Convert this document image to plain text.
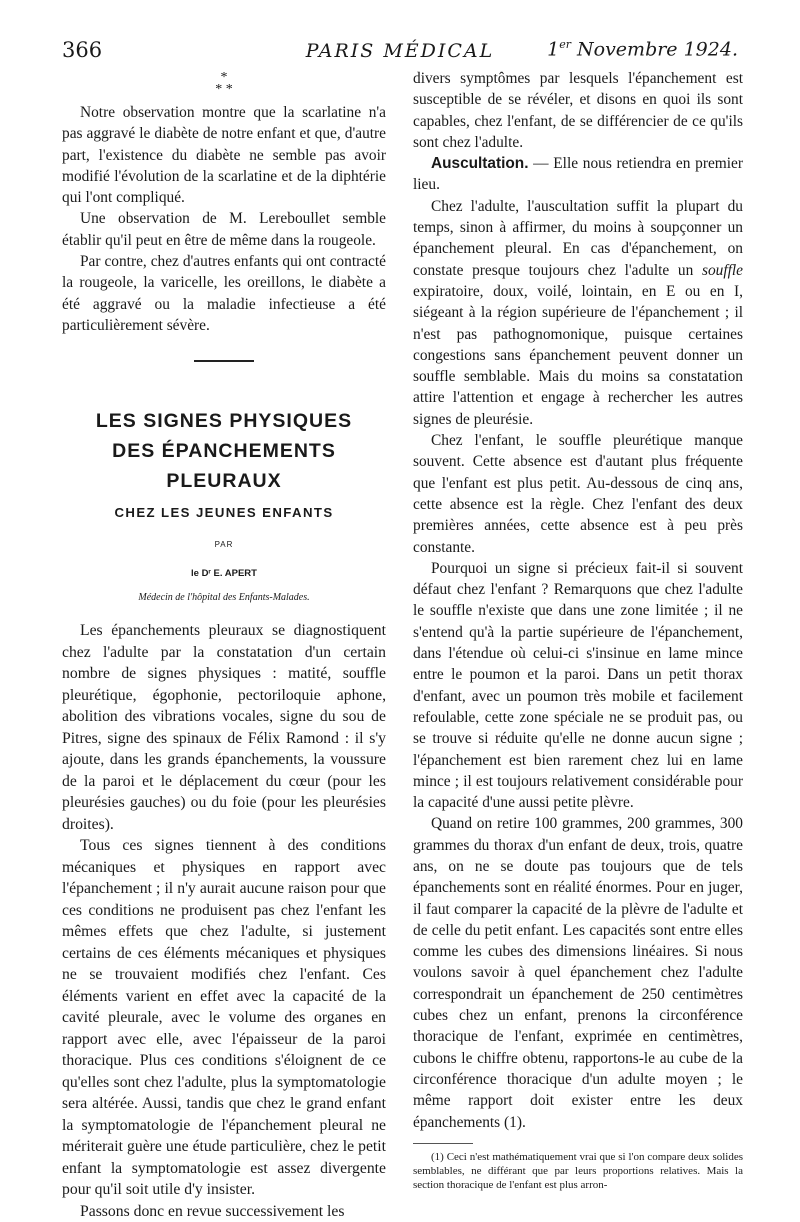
366	PARIS MÉDICAL	1er Novembre 1924.
*
* *

Notre observation montre que la scarlatine n'a pas aggravé le diabète de notre enfant et que, d'autre part, l'existence du diabète ne semble pas avoir modifié l'évolution de la scarlatine et de la diphtérie qui l'ont compliqué.

Une observation de M. Lereboullet semble établir qu'il peut en être de même dans la rougeole.

Par contre, chez d'autres enfants qui ont contracté la rougeole, la varicelle, les oreillons, le diabète a été aggravé ou la maladie infectieuse a été particulièrement sévère.

LES SIGNES PHYSIQUES
DES ÉPANCHEMENTS
PLEURAUX
CHEZ LES JEUNES ENFANTS
PAR
le Dʳ E. APERT
Médecin de l'hôpital des Enfants-Malades.

Les épanchements pleuraux se diagnostiquent chez l'adulte par la constatation d'un certain nombre de signes physiques : matité, souffle pleurétique, égophonie, pectoriloquie aphone, abolition des vibrations vocales, signe du sou de Pitres, signe des spinaux de Félix Ramond : il s'y ajoute, dans les grands épanchements, la voussure de la paroi et le déplacement du cœur (pour les pleurésies gauches) ou du foie (pour les pleurésies droites).

Tous ces signes tiennent à des conditions mécaniques et physiques en rapport avec l'épanchement ; il n'y aurait aucune raison pour que ces conditions ne produisent pas chez l'enfant les mêmes effets que chez l'adulte, si justement certains de ces éléments mécaniques et physiques ne se trouvaient modifiés chez l'enfant. Ces éléments varient en effet avec la capacité de la cavité pleurale, avec le volume des organes en rapport avec elle, avec l'épaisseur de la paroi thoracique. Plus ces conditions s'éloignent de ce qu'elles sont chez l'adulte, plus la symptomatologie sera altérée. Aussi, tandis que chez le grand enfant la symptomatologie de l'épanchement pleural ne mériterait guère une étude particulière, chez le petit enfant la symptomatologie est assez divergente pour qu'il soit utile d'y insister.

Passons donc en revue successivement les

divers symptômes par lesquels l'épanchement est susceptible de se révéler, et disons en quoi ils sont capables, chez l'enfant, de se différencier de ce qu'ils sont chez l'adulte.

Auscultation. — Elle nous retiendra en premier lieu.

Chez l'adulte, l'auscultation suffit la plupart du temps, sinon à affirmer, du moins à soupçonner un épanchement pleural. En cas d'épanchement, on constate presque toujours chez l'adulte un souffle expiratoire, doux, voilé, lointain, en E ou en I, siégeant à la région supérieure de l'épanchement ; il n'est pas pathognomonique, puisque certaines congestions sans épanchement peuvent donner un souffle semblable. Mais du moins sa constatation attire l'attention et engage à rechercher les autres signes de pleurésie.

Chez l'enfant, le souffle pleurétique manque souvent. Cette absence est d'autant plus fréquente que l'enfant est plus petit. Au-dessous de cinq ans, cette absence est la règle. Chez l'enfant des deux premières années, cette absence est à peu près constante.

Pourquoi un signe si précieux fait-il si souvent défaut chez l'enfant ? Remarquons que chez l'adulte le souffle n'existe que dans une zone limitée ; il ne s'entend qu'à la partie supérieure de l'épanchement, dans l'étendue où celui-ci s'insinue en lame mince entre le poumon et la paroi. Dans un petit thorax d'enfant, avec un poumon très mobile et facilement refoulable, cette zone spéciale ne se produit pas, ou se trouve si réduite qu'elle ne donne aucun signe ; l'épanchement est bien rarement chez lui en lame mince ; il est toujours relativement considérable pour la capacité d'une aussi petite plèvre.

Quand on retire 100 grammes, 200 grammes, 300 grammes du thorax d'un enfant de deux, trois, quatre ans, on ne se doute pas toujours que de tels épanchements sont en réalité énormes. Pour en juger, il faut comparer la capacité de la plèvre de l'adulte et de celle du petit enfant. Les capacités sont entre elles comme les cubes des dimensions linéaires. Si nous voulons savoir à quel épanchement chez l'adulte correspondrait un épanchement de 250 centimètres cubes chez un enfant, prenons la circonférence thoracique de l'enfant, exprimée en centimètres, cubons le chiffre obtenu, rapportons-le au cube de la circonférence thoracique d'un adulte moyen ; le même rapport doit exister entre les deux épanchements (1).

(1) Ceci n'est mathématiquement vrai que si l'on compare deux solides semblables, ne différant que par leurs proportions relatives. Mais la section thoracique de l'enfant est plus arron-
